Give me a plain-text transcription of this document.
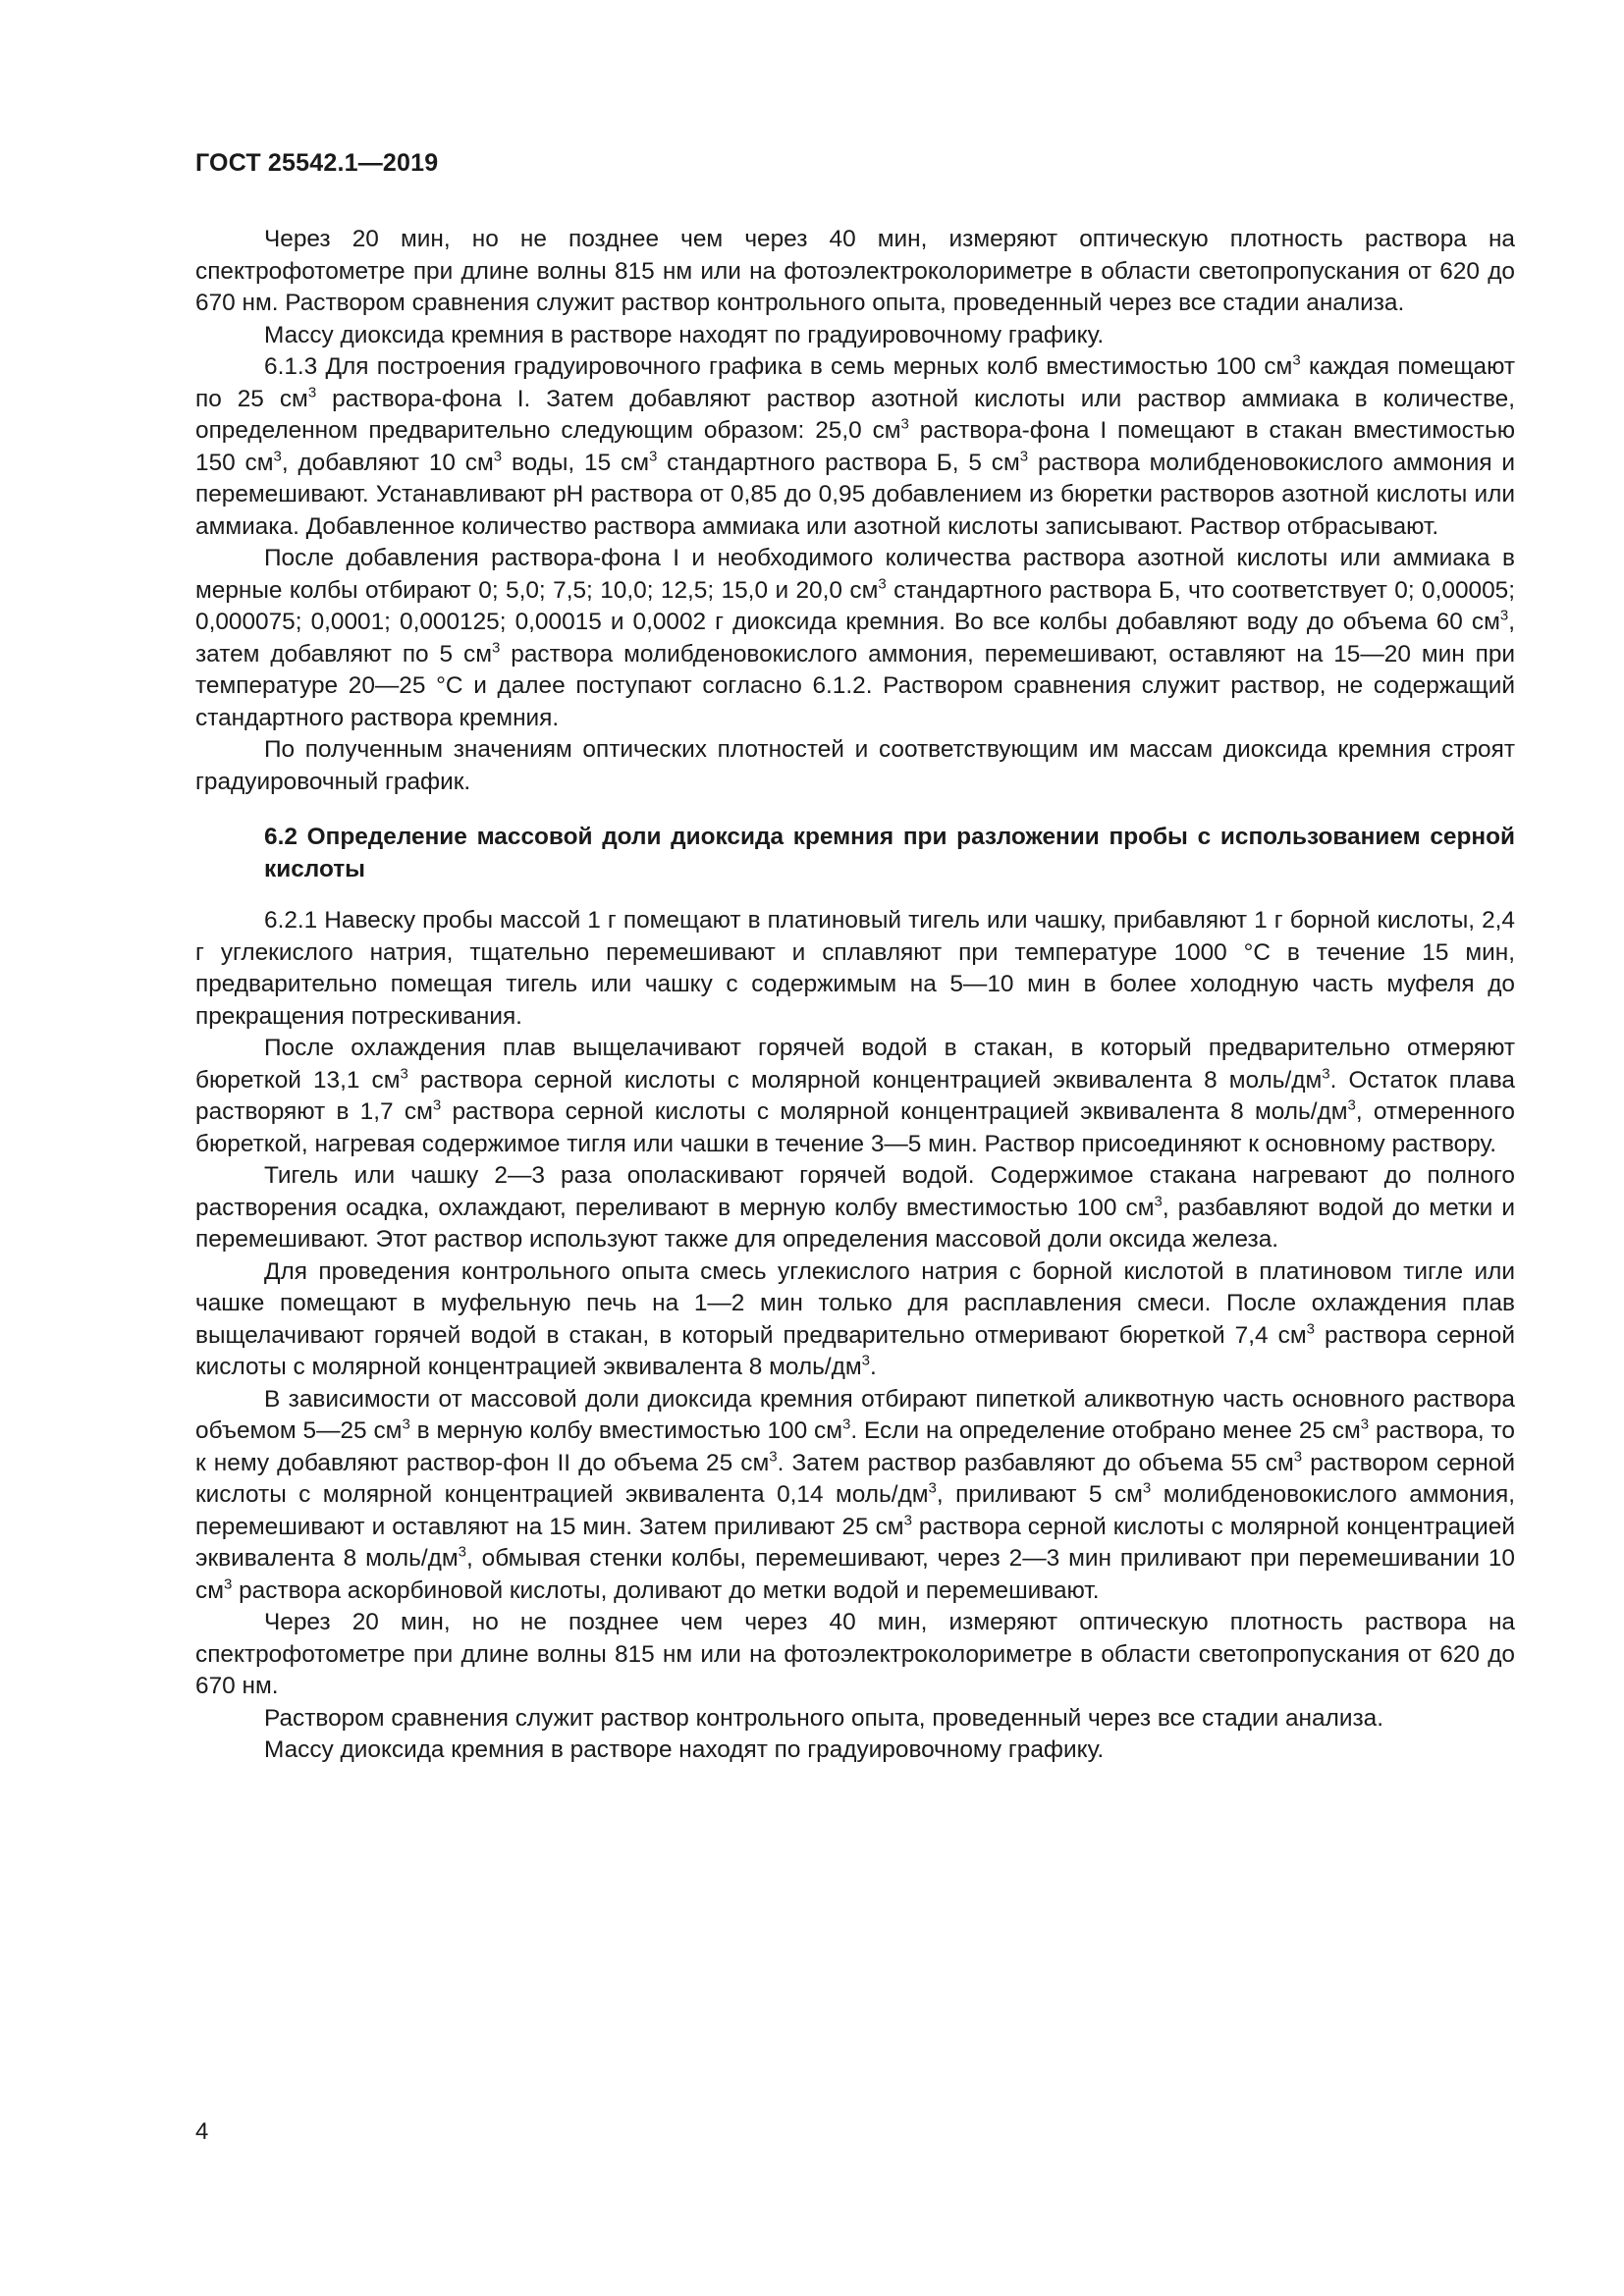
ГОСТ 25542.1—2019

Через 20 мин, но не позднее чем через 40 мин, измеряют оптическую плотность раствора на спектрофотометре при длине волны 815 нм или на фотоэлектроколориметре в области светопропускания от 620 до 670 нм. Раствором сравнения служит раствор контрольного опыта, проведенный через все стадии анализа.

Массу диоксида кремния в растворе находят по градуировочному графику.

6.1.3 Для построения градуировочного графика в семь мерных колб вместимостью 100 $см^3$ каждая помещают по 25 $см^3$ раствора-фона I. Затем добавляют раствор азотной кислоты или раствор аммиака в количестве, определенном предварительно следующим образом: 25,0 $см^3$ раствора-фона I помещают в стакан вместимостью 150 $см^3$, добавляют 10 $см^3$ воды, 15 $см^3$ стандартного раствора Б, 5 $см^3$ раствора молибденовокислого аммония и перемешивают. Устанавливают pH раствора от 0,85 до 0,95 добавлением из бюретки растворов азотной кислоты или аммиака. Добавленное количество раствора аммиака или азотной кислоты записывают. Раствор отбрасывают.

После добавления раствора-фона I и необходимого количества раствора азотной кислоты или аммиака в мерные колбы отбирают 0; 5,0; 7,5; 10,0; 12,5; 15,0 и 20,0 $см^3$ стандартного раствора Б, что соответствует 0; 0,00005; 0,000075; 0,0001; 0,000125; 0,00015 и 0,0002 г диоксида кремния. Во все колбы добавляют воду до объема 60 $см^3$, затем добавляют по 5 $см^3$ раствора молибденовокислого аммония, перемешивают, оставляют на 15—20 мин при температуре 20—25 °С и далее поступают согласно 6.1.2. Раствором сравнения служит раствор, не содержащий стандартного раствора кремния.

По полученным значениям оптических плотностей и соответствующим им массам диоксида кремния строят градуировочный график.

6.2 Определение массовой доли диоксида кремния при разложении пробы с использованием серной кислоты

6.2.1 Навеску пробы массой 1 г помещают в платиновый тигель или чашку, прибавляют 1 г борной кислоты, 2,4 г углекислого натрия, тщательно перемешивают и сплавляют при температуре 1000 °С в течение 15 мин, предварительно помещая тигель или чашку с содержимым на 5—10 мин в более холодную часть муфеля до прекращения потрескивания.

После охлаждения плав выщелачивают горячей водой в стакан, в который предварительно отмеряют бюреткой 13,1 $см^3$ раствора серной кислоты с молярной концентрацией эквивалента 8 моль/$дм^3$. Остаток плава растворяют в 1,7 $см^3$ раствора серной кислоты с молярной концентрацией эквивалента 8 моль/$дм^3$, отмеренного бюреткой, нагревая содержимое тигля или чашки в течение 3—5 мин. Раствор присоединяют к основному раствору.

Тигель или чашку 2—3 раза ополаскивают горячей водой. Содержимое стакана нагревают до полного растворения осадка, охлаждают, переливают в мерную колбу вместимостью 100 $см^3$, разбавляют водой до метки и перемешивают. Этот раствор используют также для определения массовой доли оксида железа.

Для проведения контрольного опыта смесь углекислого натрия с борной кислотой в платиновом тигле или чашке помещают в муфельную печь на 1—2 мин только для расплавления смеси. После охлаждения плав выщелачивают горячей водой в стакан, в который предварительно отмеривают бюреткой 7,4 $см^3$ раствора серной кислоты с молярной концентрацией эквивалента 8 моль/$дм^3$.

В зависимости от массовой доли диоксида кремния отбирают пипеткой аликвотную часть основного раствора объемом 5—25 $см^3$ в мерную колбу вместимостью 100 $см^3$. Если на определение отобрано менее 25 $см^3$ раствора, то к нему добавляют раствор-фон II до объема 25 $см^3$. Затем раствор разбавляют до объема 55 $см^3$ раствором серной кислоты с молярной концентрацией эквивалента 0,14 моль/$дм^3$, приливают 5 $см^3$ молибденовокислого аммония, перемешивают и оставляют на 15 мин. Затем приливают 25 $см^3$ раствора серной кислоты с молярной концентрацией эквивалента 8 моль/$дм^3$, обмывая стенки колбы, перемешивают, через 2—3 мин приливают при перемешивании 10 $см^3$ раствора аскорбиновой кислоты, доливают до метки водой и перемешивают.

Через 20 мин, но не позднее чем через 40 мин, измеряют оптическую плотность раствора на спектрофотометре при длине волны 815 нм или на фотоэлектроколориметре в области светопропускания от 620 до 670 нм.

Раствором сравнения служит раствор контрольного опыта, проведенный через все стадии анализа.

Массу диоксида кремния в растворе находят по градуировочному графику.

4
